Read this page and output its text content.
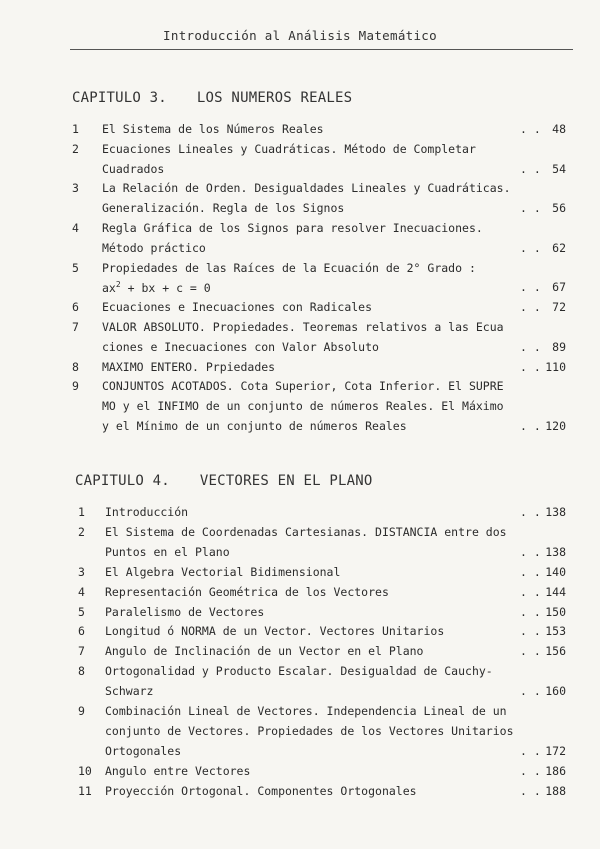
Introducción al Análisis Matemático
CAPITULO 3. LOS NUMEROS REALES
1	El Sistema de los Números Reales	. . 48
2	Ecuaciones Lineales y Cuadráticas. Método de Completar
Cuadrados	. . 54
3	La Relación de Orden. Desigualdades Lineales y Cuadráticas.
Generalización. Regla de los Signos	. . 56
4	Regla Gráfica de los Signos para resolver Inecuaciones.
Método práctico	. . 62
5	Propiedades de las Raíces de la Ecuación de 2° Grado :
$ax^2$ + bx + c = 0	. . 67
6	Ecuaciones e Inecuaciones con Radicales	. . 72
7	VALOR ABSOLUTO. Propiedades. Teoremas relativos a las Ecua
ciones e Inecuaciones con Valor Absoluto	. . 89
8	MAXIMO ENTERO. Prpiedades	. . 110
9	CONJUNTOS ACOTADOS. Cota Superior, Cota Inferior. El SUPRE
MO y el INFIMO de un conjunto de números Reales. El Máximo
y el Mínimo de un conjunto de números Reales	. . 120
CAPITULO 4. VECTORES EN EL PLANO
1	Introducción	. . 138
2	El Sistema de Coordenadas Cartesianas. DISTANCIA entre dos
Puntos en el Plano	. . 138
3	El Algebra Vectorial Bidimensional	. . 140
4	Representación Geométrica de los Vectores	. . 144
5	Paralelismo de Vectores	. . 150
6	Longitud ó NORMA de un Vector. Vectores Unitarios	. . 153
7	Angulo de Inclinación de un Vector en el Plano	. . 156
8	Ortogonalidad y Producto Escalar. Desigualdad de Cauchy-
Schwarz	. . 160
9	Combinación Lineal de Vectores. Independencia Lineal de un
conjunto de Vectores. Propiedades de los Vectores Unitarios
Ortogonales	. . 172
10 Angulo entre Vectores	. . 186
11 Proyección Ortogonal. Componentes Ortogonales	. . 188
